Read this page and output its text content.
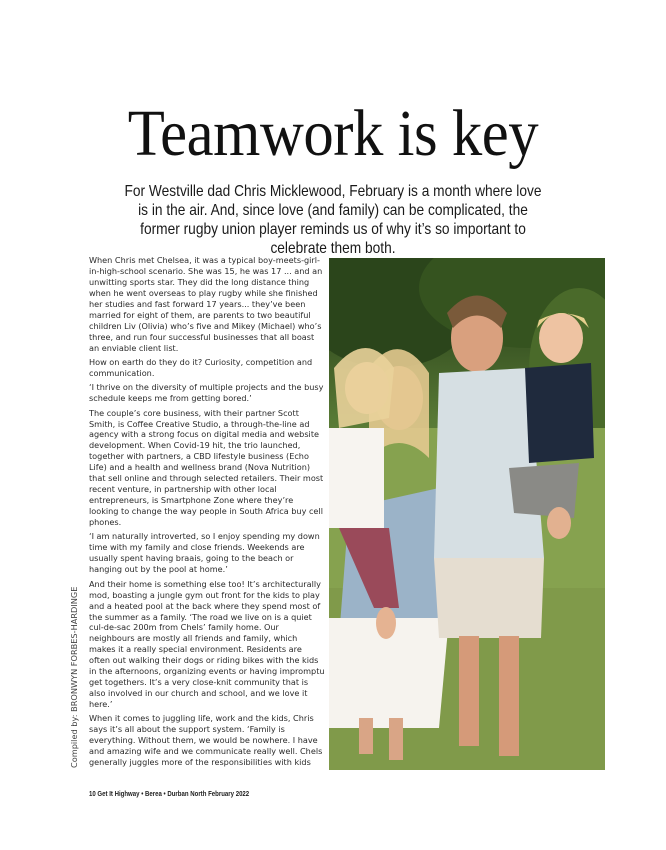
Teamwork is key

For Westville dad Chris Micklewood, February is a month where love is in the air. And, since love (and family) can be complicated, the former rugby union player reminds us of why it’s so important to celebrate them both.

When Chris met Chelsea, it was a typical boy-meets-girl-in-high-school scenario. She was 15, he was 17 ... and an unwitting sports star. They did the long distance thing when he went overseas to play rugby while she finished her studies and fast forward 17 years... they’ve been married for eight of them, are parents to two beautiful children Liv (Olivia) who’s five and Mikey (Michael) who’s three, and run four successful businesses that all boast an enviable client list.

How on earth do they do it? Curiosity, competition and communication.

‘I thrive on the diversity of multiple projects and the busy schedule keeps me from getting bored.’

The couple’s core business, with their partner Scott Smith, is Coffee Creative Studio, a through-the-line ad agency with a strong focus on digital media and website development. When Covid-19 hit, the trio launched, together with partners, a CBD lifestyle business (Echo Life) and a health and wellness brand (Nova Nutrition) that sell online and through selected retailers. Their most recent venture, in partnership with other local entrepreneurs, is Smartphone Zone where they’re looking to change the way people in South Africa buy cell phones.

‘I am naturally introverted, so I enjoy spending my down time with my family and close friends. Weekends are usually spent having braais, going to the beach or hanging out by the pool at home.’

And their home is something else too! It’s architecturally mod, boasting a jungle gym out front for the kids to play and a heated pool at the back where they spend most of the summer as a family. ‘The road we live on is a quiet cul-de-sac 200m from Chels’ family home. Our neighbours are mostly all friends and family, which makes it a really special environment. Residents are often out walking their dogs or riding bikes with the kids in the afternoons, organizing events or having impromptu get togethers. It’s a very close-knit community that is also involved in our church and school, and we love it here.’

When it comes to juggling life, work and the kids, Chris says it’s all about the support system. ‘Family is everything. Without them, we would be nowhere. I have and amazing wife and we communicate really well. Chels generally juggles more of the responsibilities with kids

Compiled by: BRONWYN FORBES-HARDINGE
10 Get It Highway • Berea • Durban North February 2022
